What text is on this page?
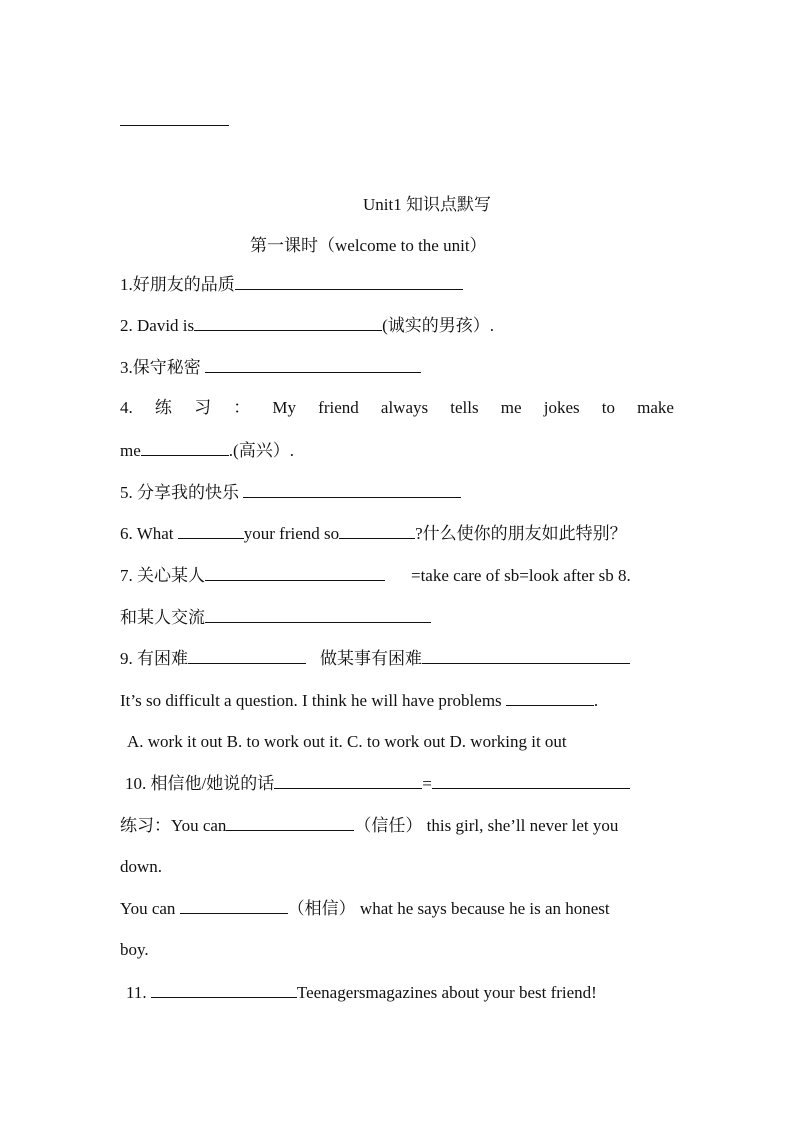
Unit1 知识点默写
第一课时（welcome to the unit）
1.好朋友的品质
2. David is	(诚实的男孩）.
3.保守秘密
4. 练 习 ： My friend always tells me jokes to make
me	.(高兴）.
5. 分享我的快乐
6. What	your friend so	?什么使你的朋友如此特别？
7. 关心某人	=take care of sb=look after sb 8.
和某人交流
9. 有困难	做某事有困难
It’s so difficult a question. I think he will have problems	.
A. work it out B. to work out it. C. to work out D. working it out
10. 相信他/她说的话	=
练习：You can	（信任） this girl, she’ll never let you
down.
You can	（相信） what he says because he is an honest
boy.
11.	Teenagersmagazines about your best friend!
